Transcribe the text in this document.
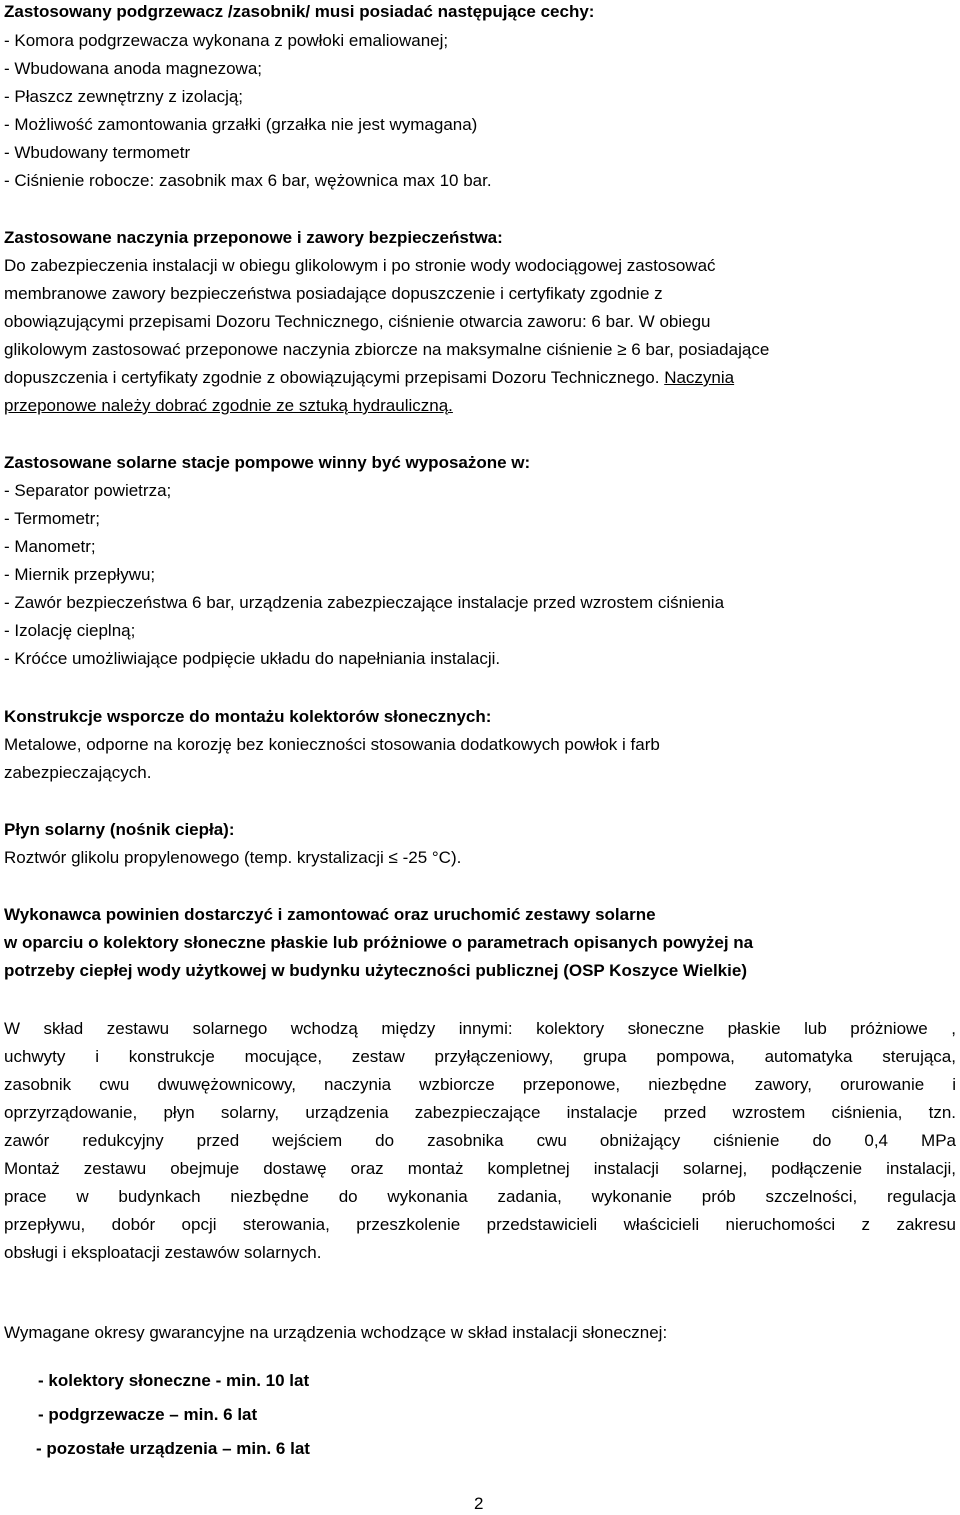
Zastosowany podgrzewacz /zasobnik/ musi posiadać następujące cechy:
- Komora podgrzewacza wykonana z powłoki emaliowanej;
- Wbudowana anoda magnezowa;
- Płaszcz zewnętrzny z izolacją;
- Możliwość zamontowania grzałki (grzałka nie jest wymagana)
- Wbudowany termometr
- Ciśnienie robocze: zasobnik max 6 bar, wężownica max 10 bar.
Zastosowane naczynia przeponowe i zawory bezpieczeństwa:
Do zabezpieczenia instalacji w obiegu glikolowym i po stronie wody wodociągowej zastosować
membranowe zawory bezpieczeństwa posiadające dopuszczenie i certyfikaty zgodnie z
obowiązującymi przepisami Dozoru Technicznego, ciśnienie otwarcia zaworu: 6 bar. W obiegu
glikolowym zastosować przeponowe naczynia zbiorcze na maksymalne ciśnienie ≥ 6 bar, posiadające
dopuszczenia i certyfikaty zgodnie z obowiązującymi przepisami Dozoru Technicznego. Naczynia
przeponowe należy dobrać zgodnie ze sztuką hydrauliczną.
Zastosowane solarne stacje pompowe winny być wyposażone w:
- Separator powietrza;
- Termometr;
- Manometr;
- Miernik przepływu;
- Zawór bezpieczeństwa 6 bar, urządzenia zabezpieczające instalacje przed wzrostem ciśnienia
- Izolację cieplną;
- Króćce umożliwiające podpięcie układu do napełniania instalacji.
Konstrukcje wsporcze do montażu kolektorów słonecznych:
Metalowe, odporne na korozję bez konieczności stosowania dodatkowych powłok i farb
zabezpieczających.
Płyn solarny (nośnik ciepła):
Roztwór glikolu propylenowego (temp. krystalizacji ≤ -25 °C).
Wykonawca powinien dostarczyć i zamontować oraz uruchomić zestawy solarne
w oparciu o kolektory słoneczne płaskie lub próżniowe o parametrach opisanych powyżej na
potrzeby ciepłej wody użytkowej w budynku użyteczności publicznej (OSP Koszyce Wielkie)
W skład zestawu solarnego wchodzą między innymi: kolektory słoneczne płaskie lub próżniowe ,
uchwyty i konstrukcje mocujące, zestaw przyłączeniowy, grupa pompowa, automatyka sterująca,
zasobnik cwu dwuwężownicowy, naczynia wzbiorcze przeponowe, niezbędne zawory, orurowanie i
oprzyrządowanie, płyn solarny, urządzenia zabezpieczające instalacje przed wzrostem ciśnienia, tzn.
zawór redukcyjny przed wejściem do zasobnika cwu obniżający ciśnienie do 0,4 MPa
Montaż zestawu obejmuje dostawę oraz montaż kompletnej instalacji solarnej, podłączenie instalacji,
prace w budynkach niezbędne do wykonania zadania, wykonanie prób szczelności, regulacja
przepływu, dobór opcji sterowania, przeszkolenie przedstawicieli właścicieli nieruchomości z zakresu
obsługi i eksploatacji zestawów solarnych.
Wymagane okresy gwarancyjne na urządzenia wchodzące w skład instalacji słonecznej:
- kolektory słoneczne - min. 10 lat
- podgrzewacze – min. 6 lat
- pozostałe urządzenia – min. 6 lat
2
